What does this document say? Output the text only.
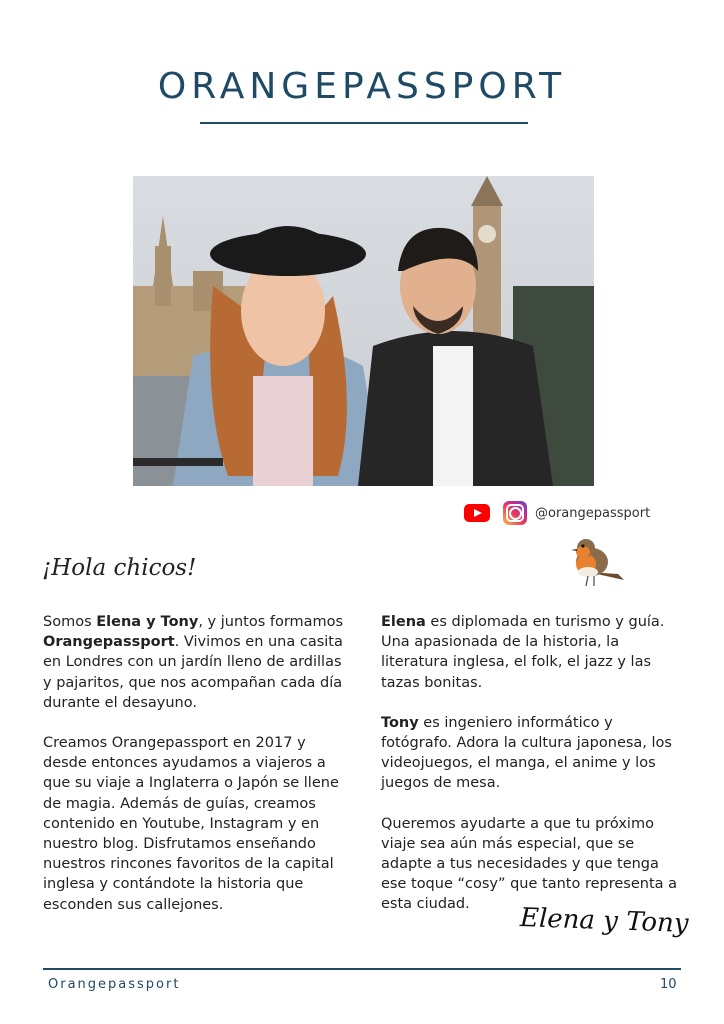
ORANGEPASSPORT
@orangepassport
¡Hola chicos!

Somos Elena y Tony, y juntos formamos Orangepassport. Vivimos en una casita en Londres con un jardín lleno de ardillas y pajaritos, que nos acompañan cada día durante el desayuno.

Creamos Orangepassport en 2017 y desde entonces ayudamos a viajeros a que su viaje a Inglaterra o Japón se llene de magia. Además de guías, creamos contenido en Youtube, Instagram y en nuestro blog. Disfrutamos enseñando nuestros rincones favoritos de la capital inglesa y contándote la historia que esconden sus callejones.

Elena es diplomada en turismo y guía. Una apasionada de la historia, la literatura inglesa, el folk, el jazz y las tazas bonitas.

Tony es ingeniero informático y fotógrafo. Adora la cultura japonesa, los videojuegos, el manga, el anime y los juegos de mesa.

Queremos ayudarte a que tu próximo viaje sea aún más especial, que se adapte a tus necesidades y que tenga ese toque “cosy” que tanto representa a esta ciudad.	Elena y Tony
Orangepassport	10
